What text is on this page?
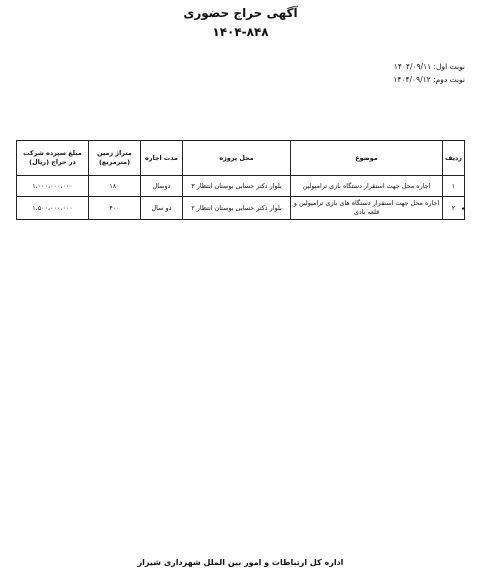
آگهی حراج حضوری
۱۴۰۴-۸۴۸
نوبت اول: ۱۴۰۴/۰۹/۱۱
نوبت دوم: ۱۴۰۴/۰۹/۱۲
ردیف	موضوع	محل پروژه	مدت اجاره	متراژ زمین (مترمربع)	مبلغ سپرده شرکت در حراج (ریال)
۱	اجاره محل جهت استقرار دستگاه بازی ترامپولین	بلوار دکتر حسابی بوستان انتظار ۳	دوسال	۱۸۰	۱،۰۰۰،۰۰۰،۰۰۰
۲	اجاره محل جهت استقرار دستگاه های بازی ترامپولین و قلعه بادی	بلوار دکتر حسابی بوستان انتظار ۲	دو سال	۴۰۰	۱،۵۰۰،۰۰۰،۰۰۰

اداره کل ارتباطات و امور بین الملل شهرداری شیراز
